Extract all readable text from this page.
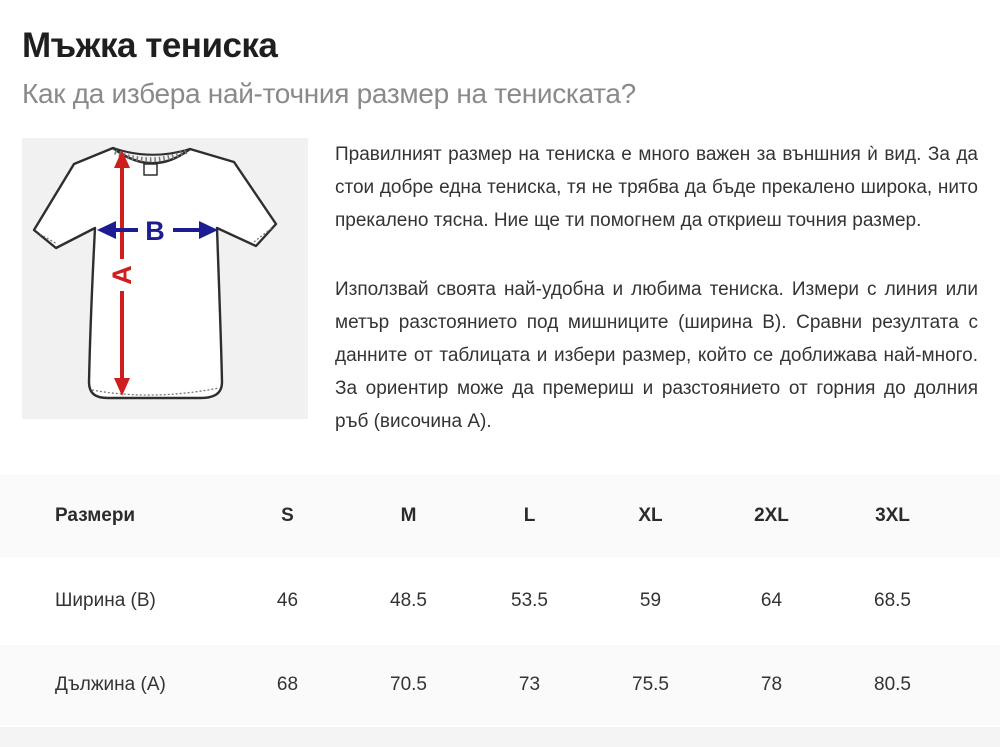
Мъжка тениска
Как да избера най-точния размер на тениската?
A
B

Правилният размер на тениска е много важен за външния ѝ вид. За да стои добре една тениска, тя не трябва да бъде прекалено широка, нито прекалено тясна. Ние ще ти помогнем да откриеш точния размер.

Използвай своята най-удобна и любима тениска. Измери с линия или метър разстоянието под мишниците (ширина B). Сравни резултата с данните от таблицата и избери размер, който се доближава най-много. За ориентир може да премериш и разстоянието от горния до долния ръб (височина A).

Размери	S	M	L	XL	2XL	3XL	
Ширина (B)	46	48.5	53.5	59	64	68.5	
Дължина (A)	68	70.5	73	75.5	78	80.5	
